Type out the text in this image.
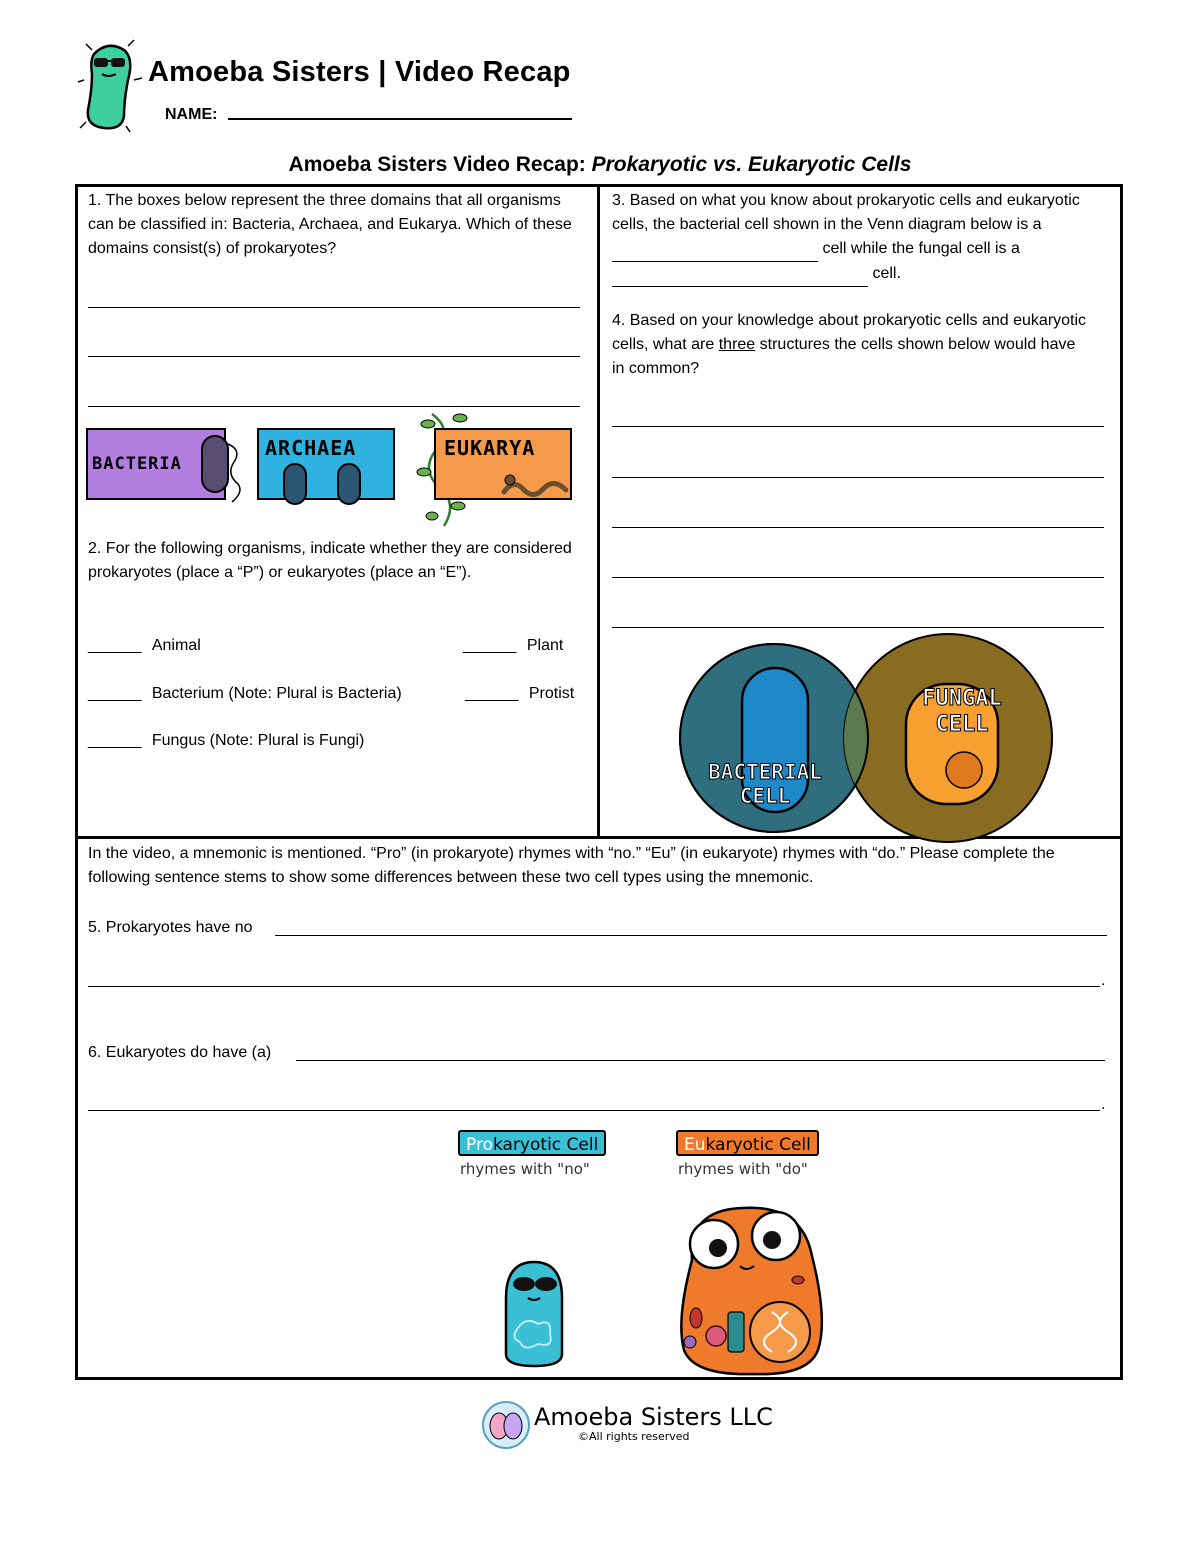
Amoeba Sisters | Video Recap
NAME:
Amoeba Sisters Video Recap: Prokaryotic vs. Eukaryotic Cells
1. The boxes below represent the three domains that all organisms can be classified in: Bacteria, Archaea, and Eukarya. Which of these domains consist(s) of prokaryotes?
BACTERIA
ARCHAEA	EUKARYA
2. For the following organisms, indicate whether they are considered prokaryotes (place a “P”) or eukaryotes (place an “E”).
______ Animal	______ Plant
______ Bacterium (Note: Plural is Bacteria)	______ Protist
______ Fungus (Note: Plural is Fungi)
3. Based on what you know about prokaryotic cells and eukaryotic cells, the bacterial cell shown in the Venn diagram below is a   cell while the fungal cell is a   cell.
4. Based on your knowledge about prokaryotic cells and eukaryotic cells, what are three structures the cells shown below would have in common?
BACTERIAL
CELL
FUNGAL
CELL
In the video, a mnemonic is mentioned. “Pro” (in prokaryote) rhymes with “no.” “Eu” (in eukaryote) rhymes with “do.” Please complete the following sentence stems to show some differences between these two cell types using the mnemonic.
5. Prokaryotes have no
.
6. Eukaryotes do have (a)
.
Prokaryotic Cell
rhymes with "no"
Eukaryotic Cell
rhymes with "do"
Amoeba Sisters LLC
©All rights reserved
